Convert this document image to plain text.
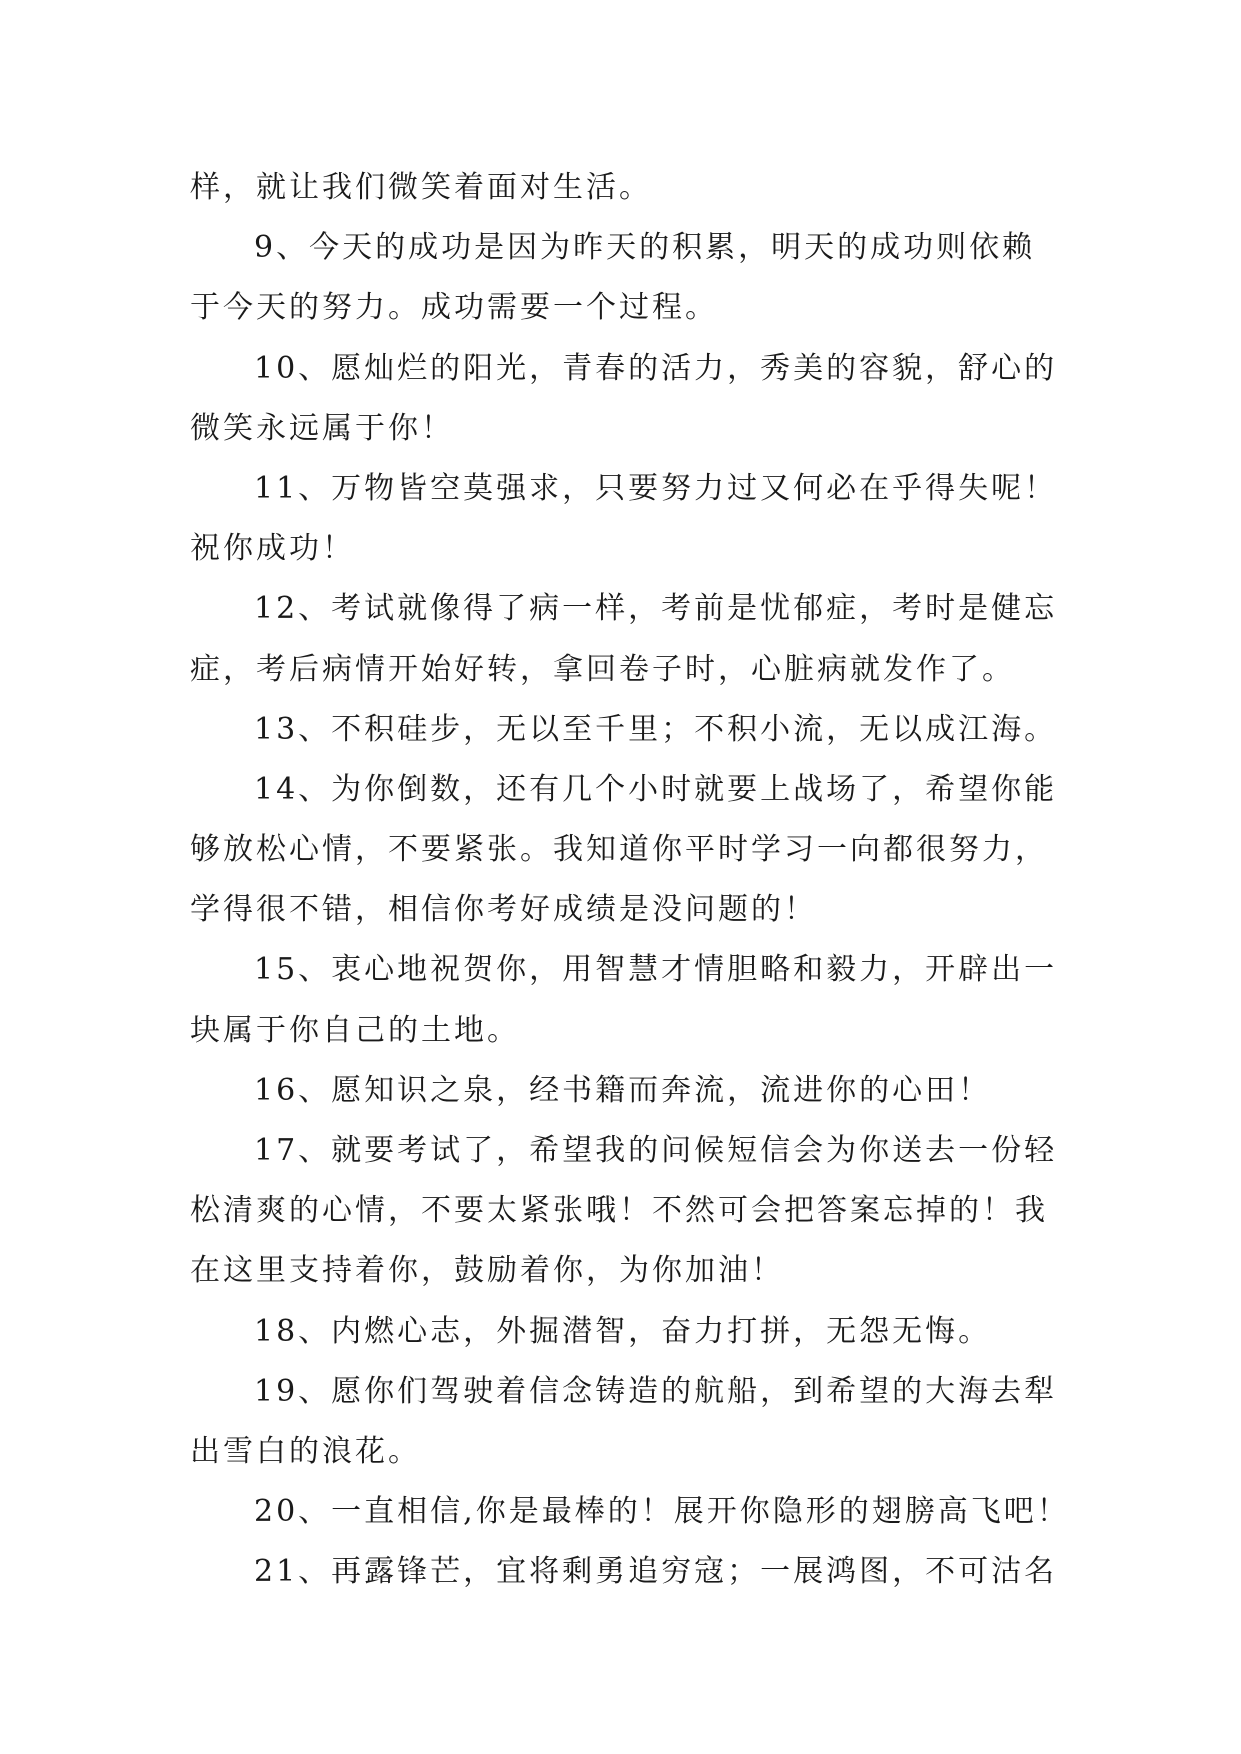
样，就让我们微笑着面对生活。
9、今天的成功是因为昨天的积累，明天的成功则依赖
于今天的努力。成功需要一个过程。
10、愿灿烂的阳光，青春的活力，秀美的容貌，舒心的
微笑永远属于你！
11、万物皆空莫强求，只要努力过又何必在乎得失呢！
祝你成功！
12、考试就像得了病一样，考前是忧郁症，考时是健忘
症，考后病情开始好转，拿回卷子时，心脏病就发作了。
13、不积硅步，无以至千里；不积小流，无以成江海。
14、为你倒数，还有几个小时就要上战场了，希望你能
够放松心情，不要紧张。我知道你平时学习一向都很努力，
学得很不错，相信你考好成绩是没问题的！
15、衷心地祝贺你，用智慧才情胆略和毅力，开辟出一
块属于你自己的土地。
16、愿知识之泉，经书籍而奔流，流进你的心田！
17、就要考试了，希望我的问候短信会为你送去一份轻
松清爽的心情，不要太紧张哦！不然可会把答案忘掉的！我
在这里支持着你，鼓励着你，为你加油！
18、内燃心志，外掘潜智，奋力打拼，无怨无悔。
19、愿你们驾驶着信念铸造的航船，到希望的大海去犁
出雪白的浪花。
20、一直相信,你是最棒的！展开你隐形的翅膀高飞吧！
21、再露锋芒，宜将剩勇追穷寇；一展鸿图，不可沽名
